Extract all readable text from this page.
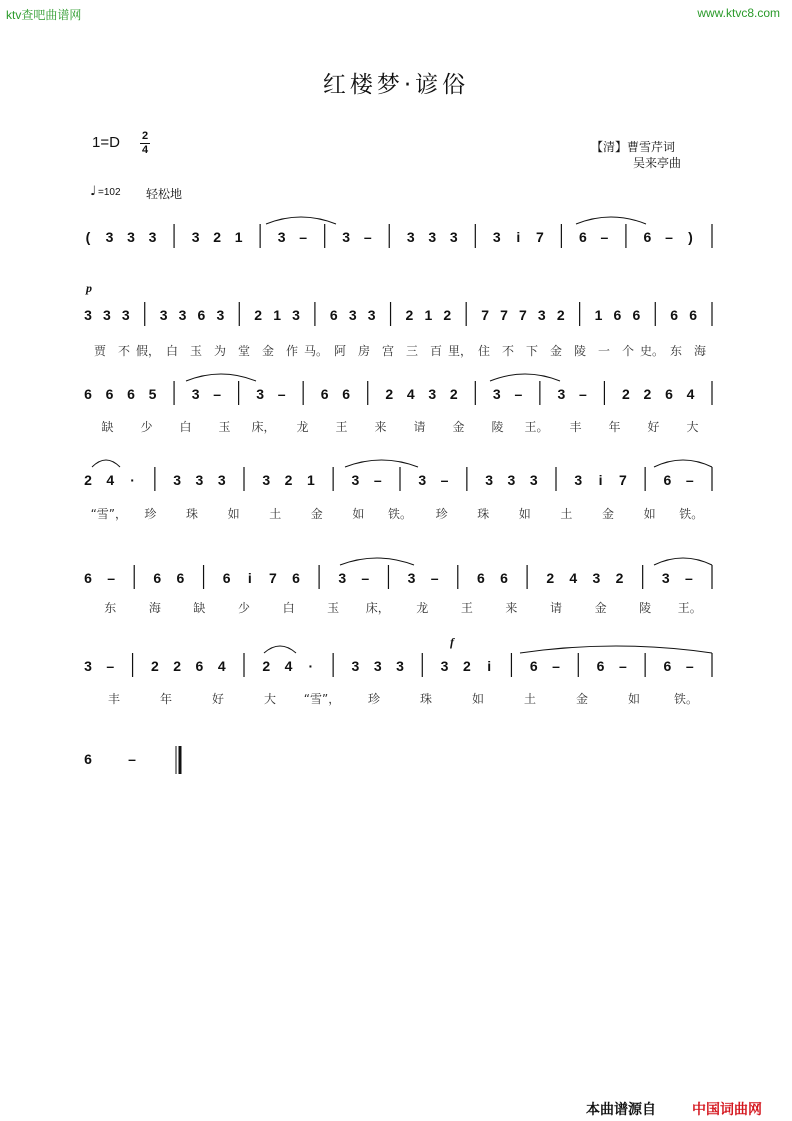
ktv查吧曲谱网	www.ktvc8.com
红楼梦·谚俗
1=D 2
4	【清】曹雪芹词
吴来亭曲
♩ =102 轻松地
( 3 3 3	3 2 1	3 –	3 –	3 3 3	3 i 7	6 –	6 – )
3 3 3 3 3 6 3 2 1 3 6 3 3 2 1 2 7 7 7 3 2 1 6 6 6 6
贾 不 假， 白 玉 为 堂 金 作 马。 阿 房 宫 三 百 里， 住 不 下 金 陵 一 个 史。 东 海
6 6 6 5	3 –	3 –	6 6	2 4 3 2	3 –	3 –	2 2 6 4
缺 少 白 玉 床， 龙 王 来 请 金 陵 王。 丰 年 好 大
2 4 ·	3 3 3	3 2 1	3 –	3 –	3 3 3	3 i 7	6 –
“雪”， 珍 珠 如 土 金 如 铁。 珍 珠 如 土 金 如 铁。
6 –	6 6	6 i 7 6	3 –	3 –	6 6	2 4 3 2	3 –
东	海	缺	少	白	玉 床， 龙	王	来	请	金	陵 王。
3 –	2 2 6 4	2 4 ·	3 3 3	3 2 i	6 –	6 –	6 –
丰	年	好	大 “雪”， 珍	珠	如	土	金	如	铁。
6	–
p
f
本曲谱源自	中国词曲网
